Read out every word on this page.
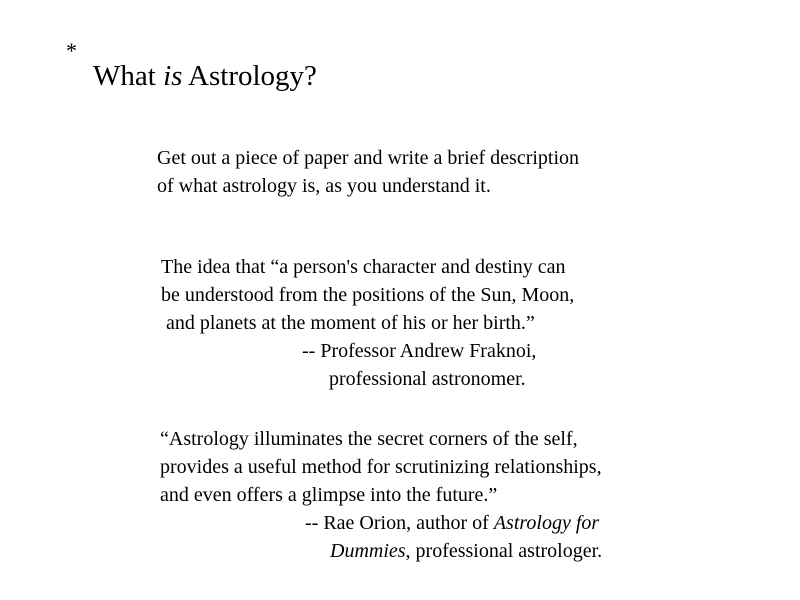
*
What is Astrology?
Get out a piece of paper and write a brief description
of what astrology is, as you understand it.
The idea that “a person's character and destiny can
be understood from the positions of the Sun, Moon,
and planets at the moment of his or her birth.”
-- Professor Andrew Fraknoi,
professional astronomer.
“Astrology illuminates the secret corners of the self,
provides a useful method for scrutinizing relationships,
and even offers a glimpse into the future.”
-- Rae Orion, author of Astrology for
Dummies, professional astrologer.
